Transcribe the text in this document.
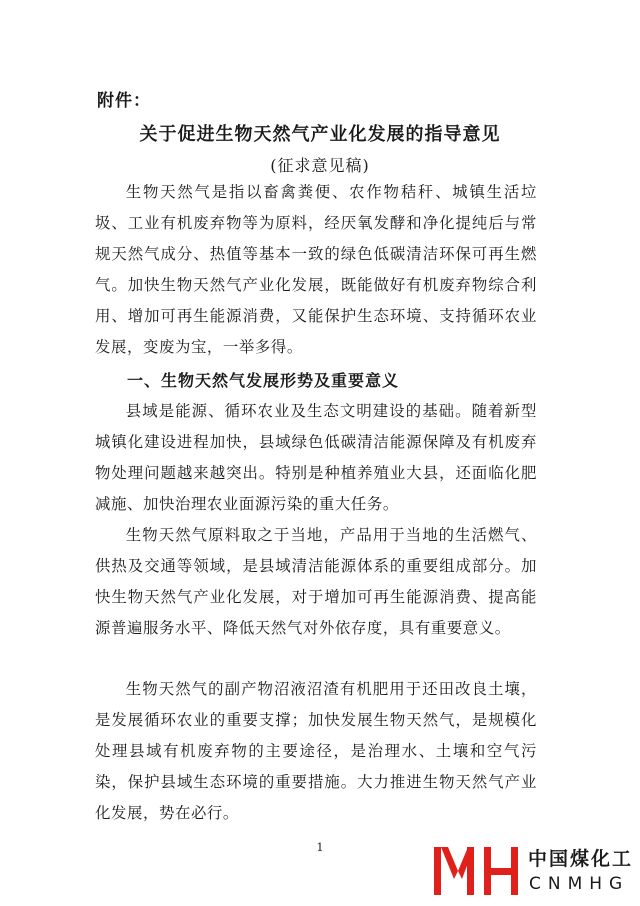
附件：
关于促进生物天然气产业化发展的指导意见
(征求意见稿)

生物天然气是指以畜禽粪便、农作物秸秆、城镇生活垃圾、工业有机废弃物等为原料，经厌氧发酵和净化提纯后与常规天然气成分、热值等基本一致的绿色低碳清洁环保可再生燃气。加快生物天然气产业化发展，既能做好有机废弃物综合利用、增加可再生能源消费，又能保护生态环境、支持循环农业发展，变废为宝，一举多得。

一、生物天然气发展形势及重要意义

县域是能源、循环农业及生态文明建设的基础。随着新型城镇化建设进程加快，县域绿色低碳清洁能源保障及有机废弃物处理问题越来越突出。特别是种植养殖业大县，还面临化肥减施、加快治理农业面源污染的重大任务。

生物天然气原料取之于当地，产品用于当地的生活燃气、供热及交通等领域，是县域清洁能源体系的重要组成部分。加快生物天然气产业化发展，对于增加可再生能源消费、提高能源普遍服务水平、降低天然气对外依存度，具有重要意义。

生物天然气的副产物沼液沼渣有机肥用于还田改良土壤，是发展循环农业的重要支撑；加快发展生物天然气，是规模化处理县域有机废弃物的主要途径，是治理水、土壤和空气污染，保护县域生态环境的重要措施。大力推进生物天然气产业化发展，势在必行。

1
中国煤化工
CNMHG
